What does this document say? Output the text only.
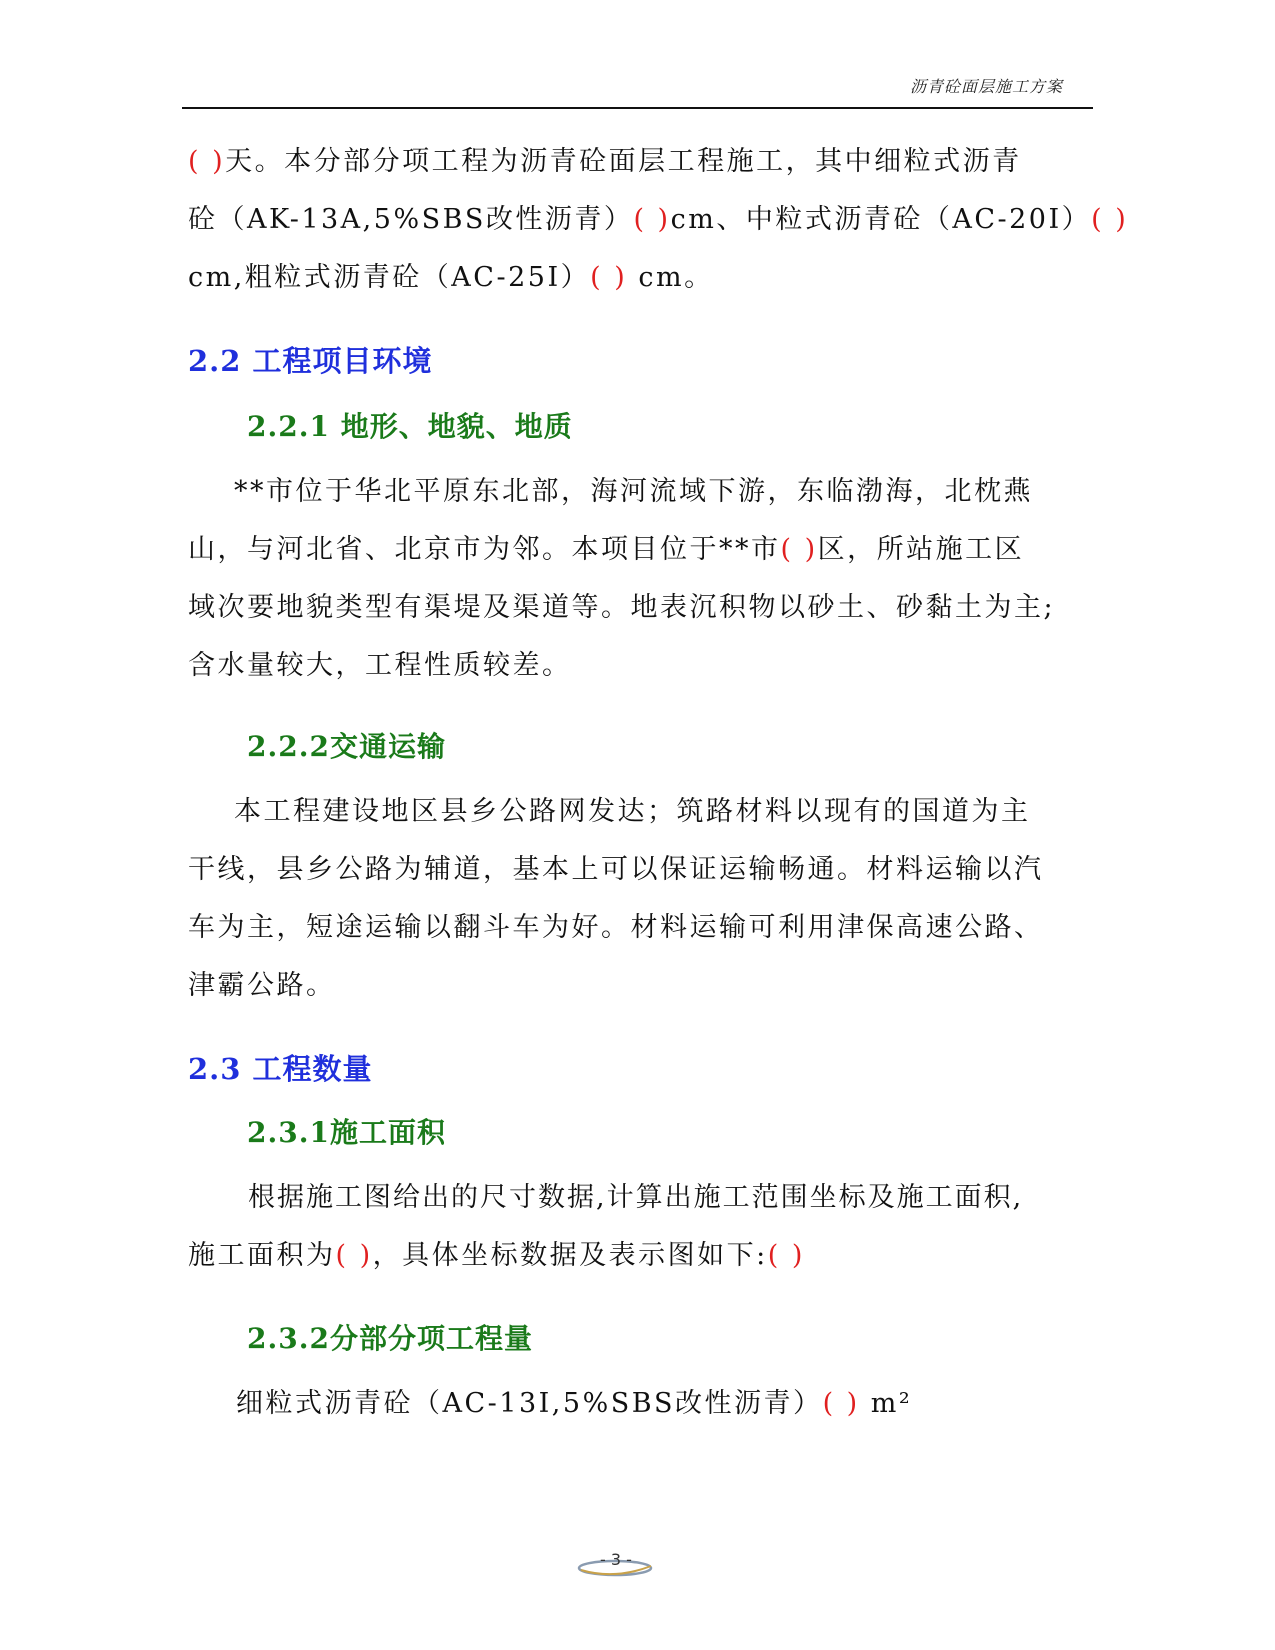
沥青砼面层施工方案
( )天。本分部分项工程为沥青砼面层工程施工，其中细粒式沥青
砼（AK-13A,5%SBS改性沥青）( )cm、中粒式沥青砼（AC-20I）( )
cm,粗粒式沥青砼（AC-25I）( ) cm。
2.2 工程项目环境
2.2.1 地形、地貌、地质
**市位于华北平原东北部，海河流域下游，东临渤海，北枕燕
山，与河北省、北京市为邻。本项目位于**市( )区，所站施工区
域次要地貌类型有渠堤及渠道等。地表沉积物以砂土、砂黏土为主;
含水量较大，工程性质较差。
2.2.2交通运输
本工程建设地区县乡公路网发达；筑路材料以现有的国道为主
干线，县乡公路为辅道，基本上可以保证运输畅通。材料运输以汽
车为主，短途运输以翻斗车为好。材料运输可利用津保高速公路、
津霸公路。
2.3 工程数量
2.3.1施工面积
根据施工图给出的尺寸数据,计算出施工范围坐标及施工面积,
施工面积为( )，具体坐标数据及表示图如下:( )
2.3.2分部分项工程量
细粒式沥青砼（AC-13I,5%SBS改性沥青）( ) m²
- 3 -
